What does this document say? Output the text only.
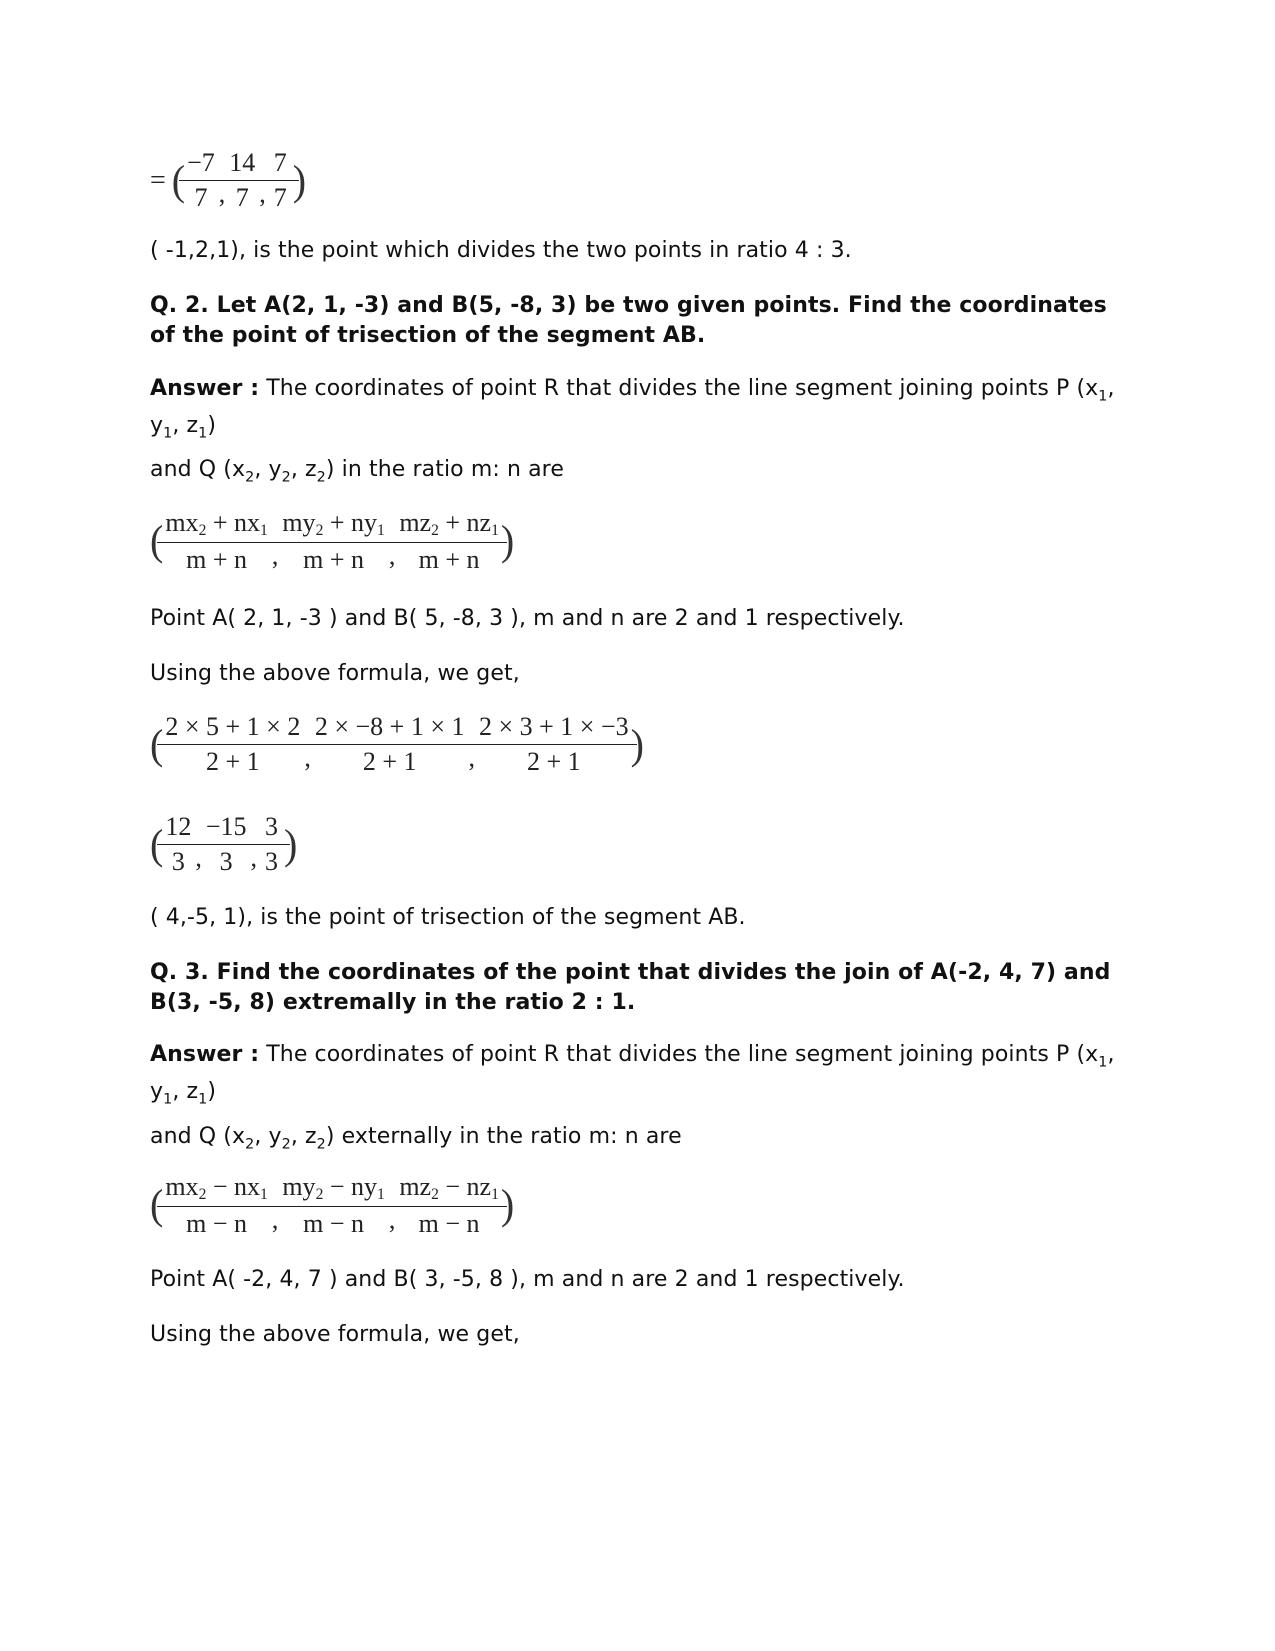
= ( $\frac{-7}{7}$ , $\frac{14}{7}$ , $\frac{7}{7}$ )
( -1,2,1), is the point which divides the two points in ratio 4 : 3.
Q. 2. Let A(2, 1, -3) and B(5, -8, 3) be two given points. Find the coordinates of the point of trisection of the segment AB.
Answer : The coordinates of point R that divides the line segment joining points P ($x_1$,
$y_1$, $z_1$)
and Q ($x_2$, $y_2$, $z_2$) in the ratio m: n are
( $\frac{mx2 + nx1}{m + n}$ , $\frac{my2 + ny1}{m + n}$ , $\frac{mz2 + nz1}{m + n}$ )
Point A( 2, 1, -3 ) and B( 5, -8, 3 ), m and n are 2 and 1 respectively.
Using the above formula, we get,
( $\frac{2 \times 5 + 1 \times 2}{2 + 1}$ , $\frac{2 \times -8 + 1 \times 1}{2 + 1}$ , $\frac{2 \times 3 + 1 \times -3}{2 + 1}$ )
( $\frac{12}{3}$ , $\frac{-15}{3}$ , $\frac{3}{3}$ )
( 4,-5, 1), is the point of trisection of the segment AB.
Q. 3. Find the coordinates of the point that divides the join of A(-2, 4, 7) and B(3, -5, 8) extremally in the ratio 2 : 1.
Answer : The coordinates of point R that divides the line segment joining points P ($x_1$,
$y_1$, $z_1$)
and Q ($x_2$, $y_2$, $z_2$) externally in the ratio m: n are
( $\frac{mx2 - nx1}{m - n}$ , $\frac{my2 - ny1}{m - n}$ , $\frac{mz2 - nz1}{m - n}$ )
Point A( -2, 4, 7 ) and B( 3, -5, 8 ), m and n are 2 and 1 respectively.
Using the above formula, we get,
